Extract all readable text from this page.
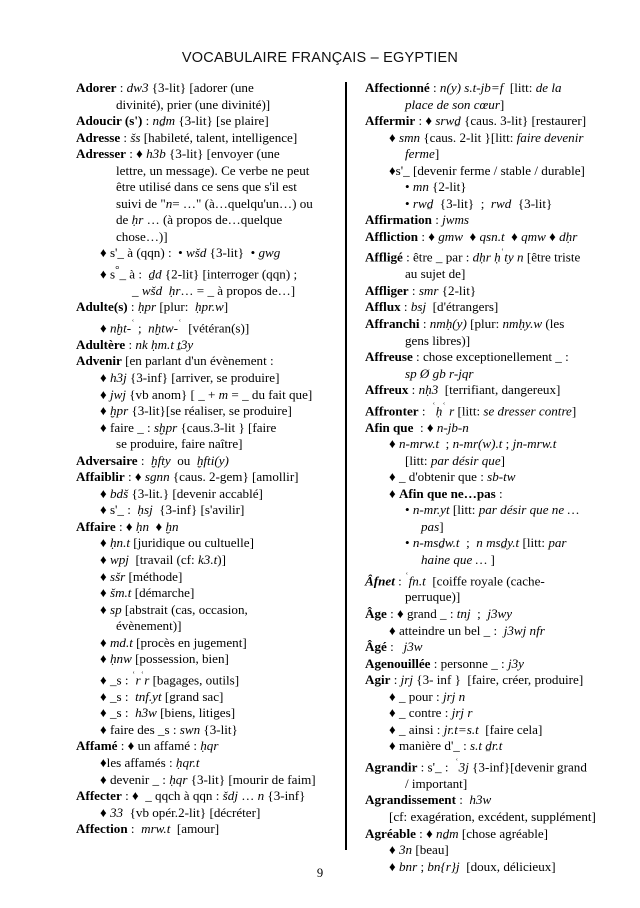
VOCABULAIRE FRANÇAIS – EGYPTIEN
Adorer : dw3 {3-lit} [adorer (une
divinité), prier (une divinité)]
Adoucir (s') : nḏm {3-lit} [se plaire]
Adresse : šs [habileté, talent, intelligence]
Adresser : ♦ h3b {3-lit} [envoyer (une
lettre, un message). Ce verbe ne peut
être utilisé dans ce sens que s'il est
suivi de "n= …" (à…quelqu'un…) ou
de ḥr … (à propos de…quelque
chose…)]
♦ s'_ à (qqn) :  • wšd {3-lit}  • gwg
♦ s°_ à :  ḏd {2-lit} [interroger (qqn) ;
_ wšd ḥr… = _ à propos de…]
Adulte(s) : ḥpr [plur:  ḥpr.w]
♦ nḫt-$^ʿ$ ;  nḫtw-$^ʿ$  [vétéran(s)]
Adultère : nk ḥm.t ṯ3y
Advenir [en parlant d'un évènement :
♦ h3j {3-inf} [arriver, se produire]
♦ jwj {vb anom} [ _ + m = _ du fait que]
♦ ḫpr {3-lit}[se réaliser, se produire]
♦ faire _ : sḫpr {caus.3-lit } [faire
se produire, faire naître]
Adversaire :  ḫfty  ou  ḫfti(y)
Affaiblir : ♦ sgnn {caus. 2-gem} [amollir]
♦ bdš {3-lit.} [devenir accablé]
♦ s'_ :  ḥsj  {3-inf} [s'avilir]
Affaire : ♦ ḥn  ♦ ḫn
♦ ḥn.t [juridique ou cultuelle]
♦ wpj  [travail (cf: k3.t)]
♦ sšr [méthode]
♦ šm.t [démarche]
♦ sp [abstrait (cas, occasion,
évènement)]
♦ md.t [procès en jugement]
♦ ḥnw [possession, bien]
♦ _s : $^ʿr^ʿr$ [bagages, outils]
♦ _s :  tnf.yt [grand sac]
♦ _s :  h3w [biens, litiges]
♦ faire des _s : swn {3-lit}
Affamé : ♦ un affamé : ḥqr
♦les affamés : ḥqr.t
♦ devenir _ : ḥqr {3-lit} [mourir de faim]
Affecter : ♦  _ qqch à qqn : šdj … n {3-inf}
♦ 33  {vb opér.2-lit} [décréter]
Affection :  mrw.t  [amour]
Affectionné : n(y) s.t-jb=f  [litt: de la
place de son cœur]
Affermir : ♦ srwḏ {caus. 3-lit} [restaurer]
♦ smn {caus. 2-lit }[litt: faire devenir
ferme]
♦s'_ [devenir ferme / stable / durable]
• mn {2-lit}
• rwḏ  {3-lit}  ;  rwd  {3-lit}
Affirmation : jwms
Affliction : ♦ gmw  ♦ qsn.t  ♦ qmw ♦ dḥr
Affligé : être _ par : dḥr ḥ$^ʿ$ty n [être triste
au sujet de]
Affliger : smr {2-lit}
Afflux : bsj  [d'étrangers]
Affranchi : nmḥ(y) [plur: nmḥy.w (les
gens libres)]
Affreuse : chose exceptionellement _ :
sp Ø gb r-jqr
Affreux : nḥ3  [terrifiant, dangereux]
Affronter :  $^ʿ$ḥ$^ʿ$ r [litt: se dresser contre]
Afin que  : ♦ n-jb-n
♦ n-mrw.t  ; n-mr(w).t ; jn-mrw.t
[litt: par désir que]
♦ _ d'obtenir que : sb-tw
♦ Afin que ne…pas :
• n-mr.yt [litt: par désir que ne …
pas]
• n-msḏw.t  ;  n msḏy.t [litt: par
haine que … ]
Âfnet : $^ʿ$fn.t  [coiffe royale (cache-
perruque)]
Âge : ♦ grand _ : tnj  ;  j3wy
♦ atteindre un bel _ :  j3wj nfr
Âgé :   j3w
Agenouillée : personne _ : j3y
Agir : jrj {3- inf }  [faire, créer, produire]
♦ _ pour : jrj n
♦ _ contre : jrj r
♦ _ ainsi : jr.t=s.t  [faire cela]
♦ manière d'_ : s.t ḏr.t
Agrandir : s'_ :  $^ʿ$3j {3-inf}[devenir grand
/ important]
Agrandissement :  h3w
[cf: exagération, excédent, supplément]
Agréable : ♦ nḏm [chose agréable]
♦ 3n [beau]
♦ bnr ; bn{r}j  [doux, délicieux]
9
